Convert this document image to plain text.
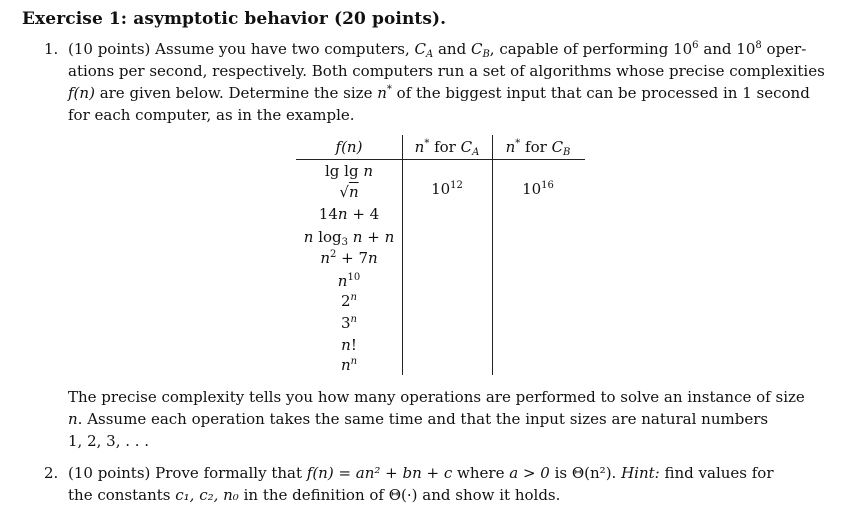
Exercise 1: asymptotic behavior (20 points).
1. (10 points) Assume you have two computers, $C_A$ and $C_B$, capable of performing $10^6$ and $10^8$ oper-
ations per second, respectively. Both computers run a set of algorithms whose precise complexities
f(n) are given below. Determine the size n* of the biggest input that can be processed in 1 second
for each computer, as in the example.
f(n)	n* for $C_A$	n* for $C_B$
lg lg n
√n	$10^{12}$	$10^{16}$
14n + 4
n $\log_3 n + n$
$n^2 + 7n$
$n^{10}$
2$^n$
3$^n$
n!
$n^n$
The precise complexity tells you how many operations are performed to solve an instance of size
n. Assume each operation takes the same time and that the input sizes are natural numbers
1, 2, 3, . . .
2. (10 points) Prove formally that f(n) = an² + bn + c where a > 0 is Θ(n²). Hint: find values for
the constants c₁, c₂, n₀ in the definition of Θ(·) and show it holds.
